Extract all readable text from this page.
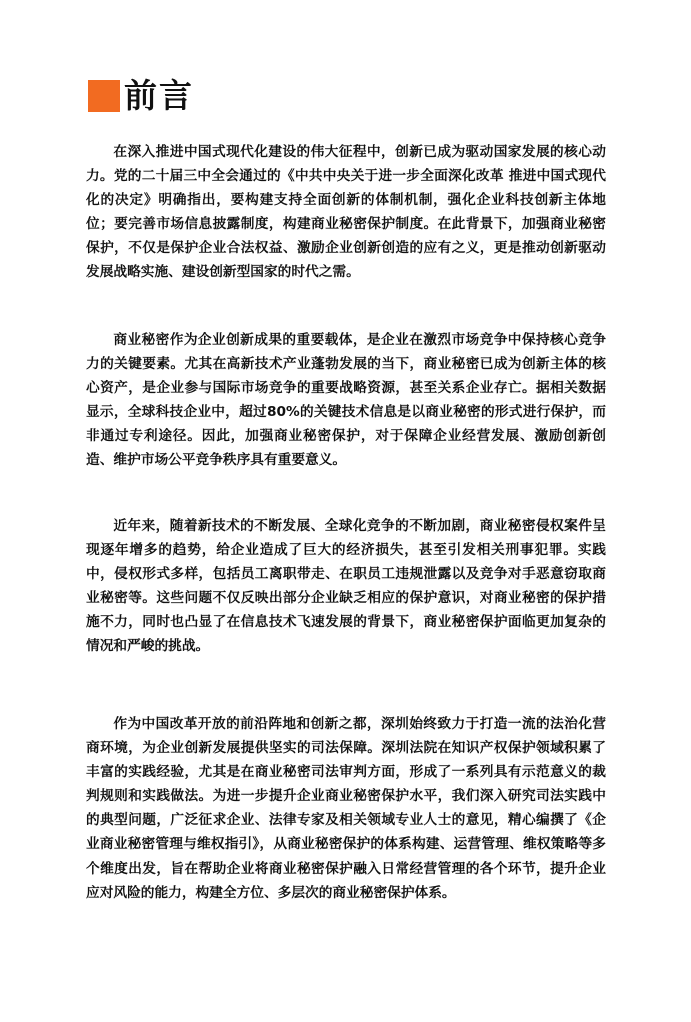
前言

在深入推进中国式现代化建设的伟大征程中，创新已成为驱动国家发展的核心动力。党的二十届三中全会通过的《中共中央关于进一步全面深化改革 推进中国式现代化的决定》明确指出，要构建支持全面创新的体制机制，强化企业科技创新主体地位；要完善市场信息披露制度，构建商业秘密保护制度。在此背景下，加强商业秘密保护，不仅是保护企业合法权益、激励企业创新创造的应有之义，更是推动创新驱动发展战略实施、建设创新型国家的时代之需。

商业秘密作为企业创新成果的重要载体，是企业在激烈市场竞争中保持核心竞争力的关键要素。尤其在高新技术产业蓬勃发展的当下，商业秘密已成为创新主体的核心资产，是企业参与国际市场竞争的重要战略资源，甚至关系企业存亡。据相关数据显示，全球科技企业中，超过80%的关键技术信息是以商业秘密的形式进行保护，而非通过专利途径。因此，加强商业秘密保护，对于保障企业经营发展、激励创新创造、维护市场公平竞争秩序具有重要意义。

近年来，随着新技术的不断发展、全球化竞争的不断加剧，商业秘密侵权案件呈现逐年增多的趋势，给企业造成了巨大的经济损失，甚至引发相关刑事犯罪。实践中，侵权形式多样，包括员工离职带走、在职员工违规泄露以及竞争对手恶意窃取商业秘密等。这些问题不仅反映出部分企业缺乏相应的保护意识，对商业秘密的保护措施不力，同时也凸显了在信息技术飞速发展的背景下，商业秘密保护面临更加复杂的情况和严峻的挑战。

作为中国改革开放的前沿阵地和创新之都，深圳始终致力于打造一流的法治化营商环境，为企业创新发展提供坚实的司法保障。深圳法院在知识产权保护领域积累了丰富的实践经验，尤其是在商业秘密司法审判方面，形成了一系列具有示范意义的裁判规则和实践做法。为进一步提升企业商业秘密保护水平，我们深入研究司法实践中的典型问题，广泛征求企业、法律专家及相关领域专业人士的意见，精心编撰了《企业商业秘密管理与维权指引》，从商业秘密保护的体系构建、运营管理、维权策略等多个维度出发，旨在帮助企业将商业秘密保护融入日常经营管理的各个环节，提升企业应对风险的能力，构建全方位、多层次的商业秘密保护体系。
